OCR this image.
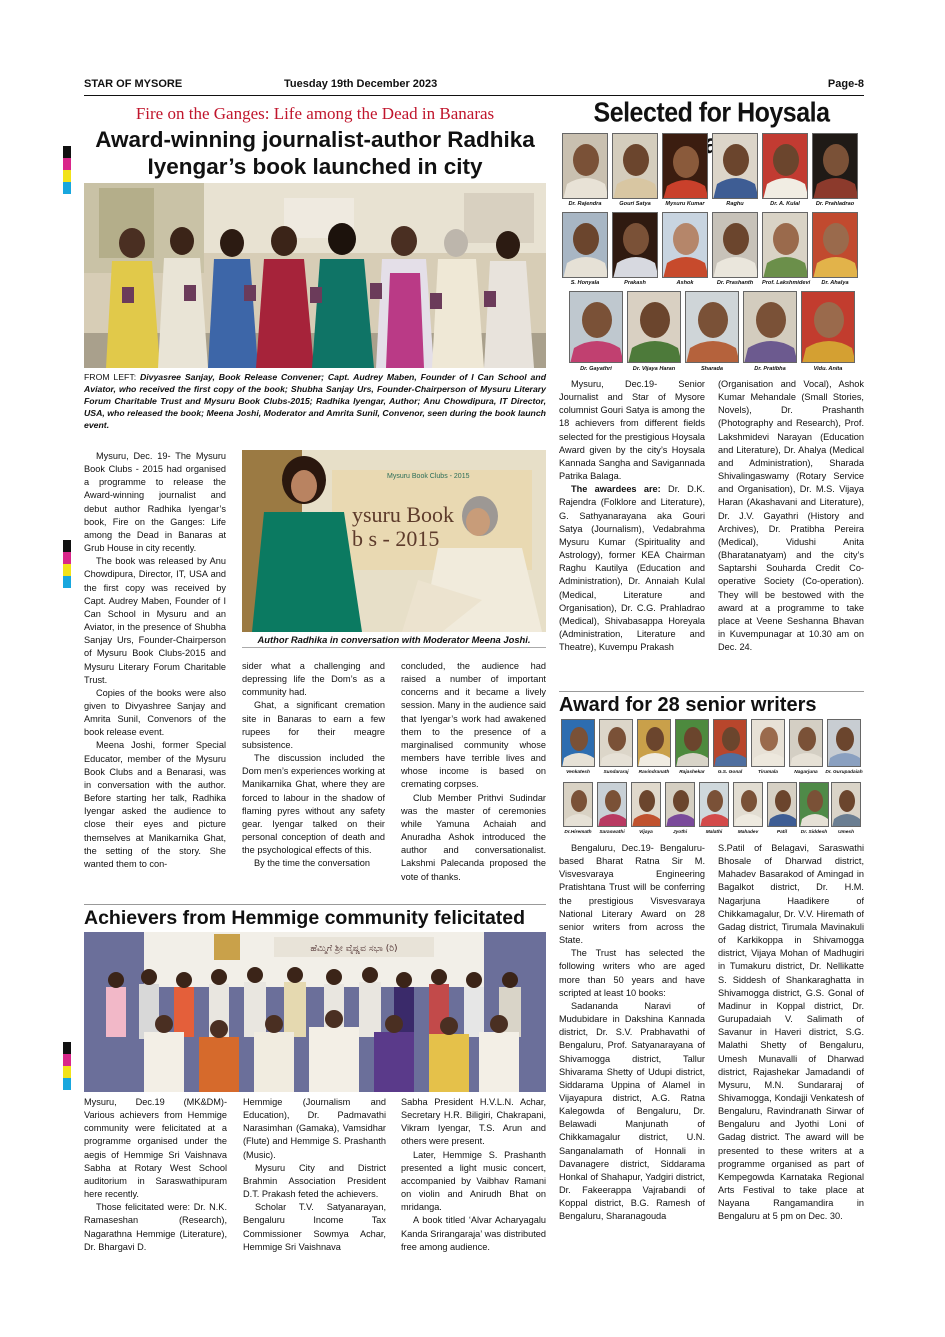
STAR OF MYSORE	Tuesday 19th December 2023	Page-8
Fire on the Ganges: Life among the Dead in Banaras
Award-winning journalist-author Radhika
Iyengar’s book launched in city
FROM LEFT: Divyasree Sanjay, Book Release Convener; Capt. Audrey Maben, Founder of I Can School and Aviator, who received the first copy of the book; Shubha Sanjay Urs, Founder-Chairperson of Mysuru Literary Forum Charitable Trust and Mysuru Book Clubs-2015; Radhika Iyengar, Author; Anu Chowdipura, IT Director, USA, who released the book; Meena Joshi, Moderator and Amrita Sunil, Convenor, seen during the book launch event.

Mysuru, Dec. 19- The Mysuru Book Clubs - 2015 had organised a programme to release the Award-winning journalist and debut author Radhika Iyengar’s book, Fire on the Ganges: Life among the Dead in Banaras at Grub House in city recently.

The book was released by Anu Chowdipura, Director, IT, USA and the first copy was received by Capt. Audrey Maben, Founder of I Can School in Mysuru and an Aviator, in the presence of Shubha Sanjay Urs, Founder-Chairperson of Mysuru Book Clubs-2015 and Mysuru Literary Forum Charitable Trust.

Copies of the books were also given to Divyashree Sanjay and Amrita Sunil, Convenors of the book release event.

Meena Joshi, former Special Educator, member of the Mysuru Book Clubs and a Benarasi, was in conversation with the author. Before starting her talk, Radhika Iyengar asked the audience to close their eyes and picture themselves at Manikarnika Ghat, the setting of the story. She wanted them to con-

Mysuru Book Clubs - 2015
ysuru Book
b s - 2015
Author Radhika in conversation with Moderator Meena Joshi.

sider what a challenging and depressing life the Dom’s as a community had.

Ghat, a significant cremation site in Banaras to earn a few rupees for their meagre subsistence.

The discussion included the Dom men’s experiences working at Manikarnika Ghat, where they are forced to labour in the shadow of flaming pyres without any safety gear. Iyengar talked on their personal conception of death and the psychological effects of this.

By the time the conversation

concluded, the audience had raised a number of important concerns and it became a lively session. Many in the audience said that Iyengar’s work had awakened them to the presence of a marginalised community whose members have terrible lives and whose income is based on cremating corpses.

Club Member Prithvi Sudindar was the master of ceremonies while Yamuna Achaiah and Anuradha Ashok introduced the author and conversationalist. Lakshmi Palecanda proposed the vote of thanks.

Selected for Hoysala
Dr. Rajendra	Gouri Satya	Mysuru Kumar	Raghu	Dr. A. Kulal	Dr. Prahladrao
S. Honyala	Prakash	Ashok	Dr. Prashanth	Prof. Lakshmidevi	Dr. Ahalya
Dr. Gayathri	Dr. Vijaya Haran	Sharada	Dr. Pratibha	Vidu. Anita

Mysuru, Dec.19- Senior Journalist and Star of Mysore columnist Gouri Satya is among the 18 achievers from different fields selected for the prestigious Hoysala Award given by the city’s Hoysala Kannada Sangha and Savigannada Patrika Balaga.

The awardees are: Dr. D.K. Rajendra (Folklore and Literature), G. Sathyanarayana aka Gouri Satya (Journalism), Vedabrahma Mysuru Kumar (Spirituality and Astrology), former KEA Chairman Raghu Kautilya (Education and Administration), Dr. Annaiah Kulal (Medical, Literature and Organisation), Dr. C.G. Prahladrao (Medical), Shivabasappa Horeyala (Administration, Literature and Theatre), Kuvempu Prakash

(Organisation and Vocal), Ashok Kumar Mehandale (Small Stories, Novels), Dr. Prashanth (Photography and Research), Prof. Lakshmidevi Narayan (Education and Literature), Dr. Ahalya (Medical and Administration), Sharada Shivalingaswamy (Rotary Service and Organisation), Dr. M.S. Vijaya Haran (Akashavani and Literature), Dr. J.V. Gayathri (History and Archives), Dr. Pratibha Pereira (Medical), Vidushi Anita (Bharatanatyam) and the city’s Saptarshi Souharda Credit Co-operative Society (Co-operation). They will be bestowed with the award at a programme to take place at Veene Seshanna Bhavan in Kuvempunagar at 10.30 am on Dec. 24.

Award for 28 senior writers
Venkatesh	Sundararaj	Ravindranath	Rajashekar	G.S. Gonal	Tirumala	Nagarjuna	Dr. Gurupadaiah
Dr.Hiremath	Saraswathi	Vijaya	Jyothi	Malathi	Mahadev	Patil	Dr. Siddesh	Umesh

Bengaluru, Dec.19- Bengaluru-based Bharat Ratna Sir M. Visvesvaraya Engineering Pratishtana Trust will be conferring the prestigious Visvesvaraya National Literary Award on 28 senior writers from across the State.

The Trust has selected the following writers who are aged more than 50 years and have scripted at least 10 books:

Sadananda Naravi of Mudubidare in Dakshina Kannada district, Dr. S.V. Prabhavathi of Bengaluru, Prof. Satyanarayana of Shivamogga district, Tallur Shivarama Shetty of Udupi district, Siddarama Uppina of Alamel in Vijayapura district, A.G. Ratna Kalegowda of Bengaluru, Dr. Belawadi Manjunath of Chikkamagalur district, U.N. Sanganalamath of Honnali in Davanagere district, Siddarama Honkal of Shahapur, Yadgiri district, Dr. Fakeerappa Vajrabandi of Koppal district, B.G. Ramesh of Bengaluru, Sharanagouda

S.Patil of Belagavi, Saraswathi Bhosale of Dharwad district, Mahadev Basarakod of Amingad in Bagalkot district, Dr. H.M. Nagarjuna Haadikere of Chikkamagalur, Dr. V.V. Hiremath of Gadag district, Tirumala Mavinakuli of Karkikoppa in Shivamogga district, Vijaya Mohan of Madhugiri in Tumakuru district, Dr. Nellikatte S. Siddesh of Shankaraghatta in Shivamogga district, G.S. Gonal of Madinur in Koppal district, Dr. Gurupadaiah V. Salimath of Savanur in Haveri district, S.G. Malathi Shetty of Bengaluru, Umesh Munavalli of Dharwad district, Rajashekar Jamadandi of Mysuru, M.N. Sundararaj of Shivamogga, Kondajji Venkatesh of Bengaluru, Ravindranath Sirwar of Bengaluru and Jyothi Loni of Gadag district. The award will be presented to these writers at a programme organised as part of Kempegowda Karnataka Regional Arts Festival to take place at Nayana Rangamandira in Bengaluru at 5 pm on Dec. 30.

Achievers from Hemmige community felicitated
ಹೆಮ್ಮಿಗೆ ಶ್ರೀ ವೈಷ್ಣವ ಸಭಾ (ರಿ)

Mysuru, Dec.19 (MK&DM)- Various achievers from Hemmige community were felicitated at a programme organised under the aegis of Hemmige Sri Vaishnava Sabha at Rotary West School auditorium in Saraswathipuram here recently.

Those felicitated were: Dr. N.K. Ramaseshan (Research), Nagarathna Hemmige (Literature), Dr. Bhargavi D.

Hemmige (Journalism and Education), Dr. Padmavathi Narasimhan (Gamaka), Vamsidhar (Flute) and Hemmige S. Prashanth (Music).

Mysuru City and District Brahmin Association President D.T. Prakash feted the achievers.

Scholar T.V. Satyanarayan, Bengaluru Income Tax Commissioner Sowmya Achar, Hemmige Sri Vaishnava

Sabha President H.V.L.N. Achar, Secretary H.R. Biligiri, Chakrapani, Vikram Iyengar, T.S. Arun and others were present.

Later, Hemmige S. Prashanth presented a light music concert, accompanied by Vaibhav Ramani on violin and Anirudh Bhat on mridanga.

A book titled ‘Alvar Acharyagalu Kanda Srirangaraja’ was distributed free among audience.
